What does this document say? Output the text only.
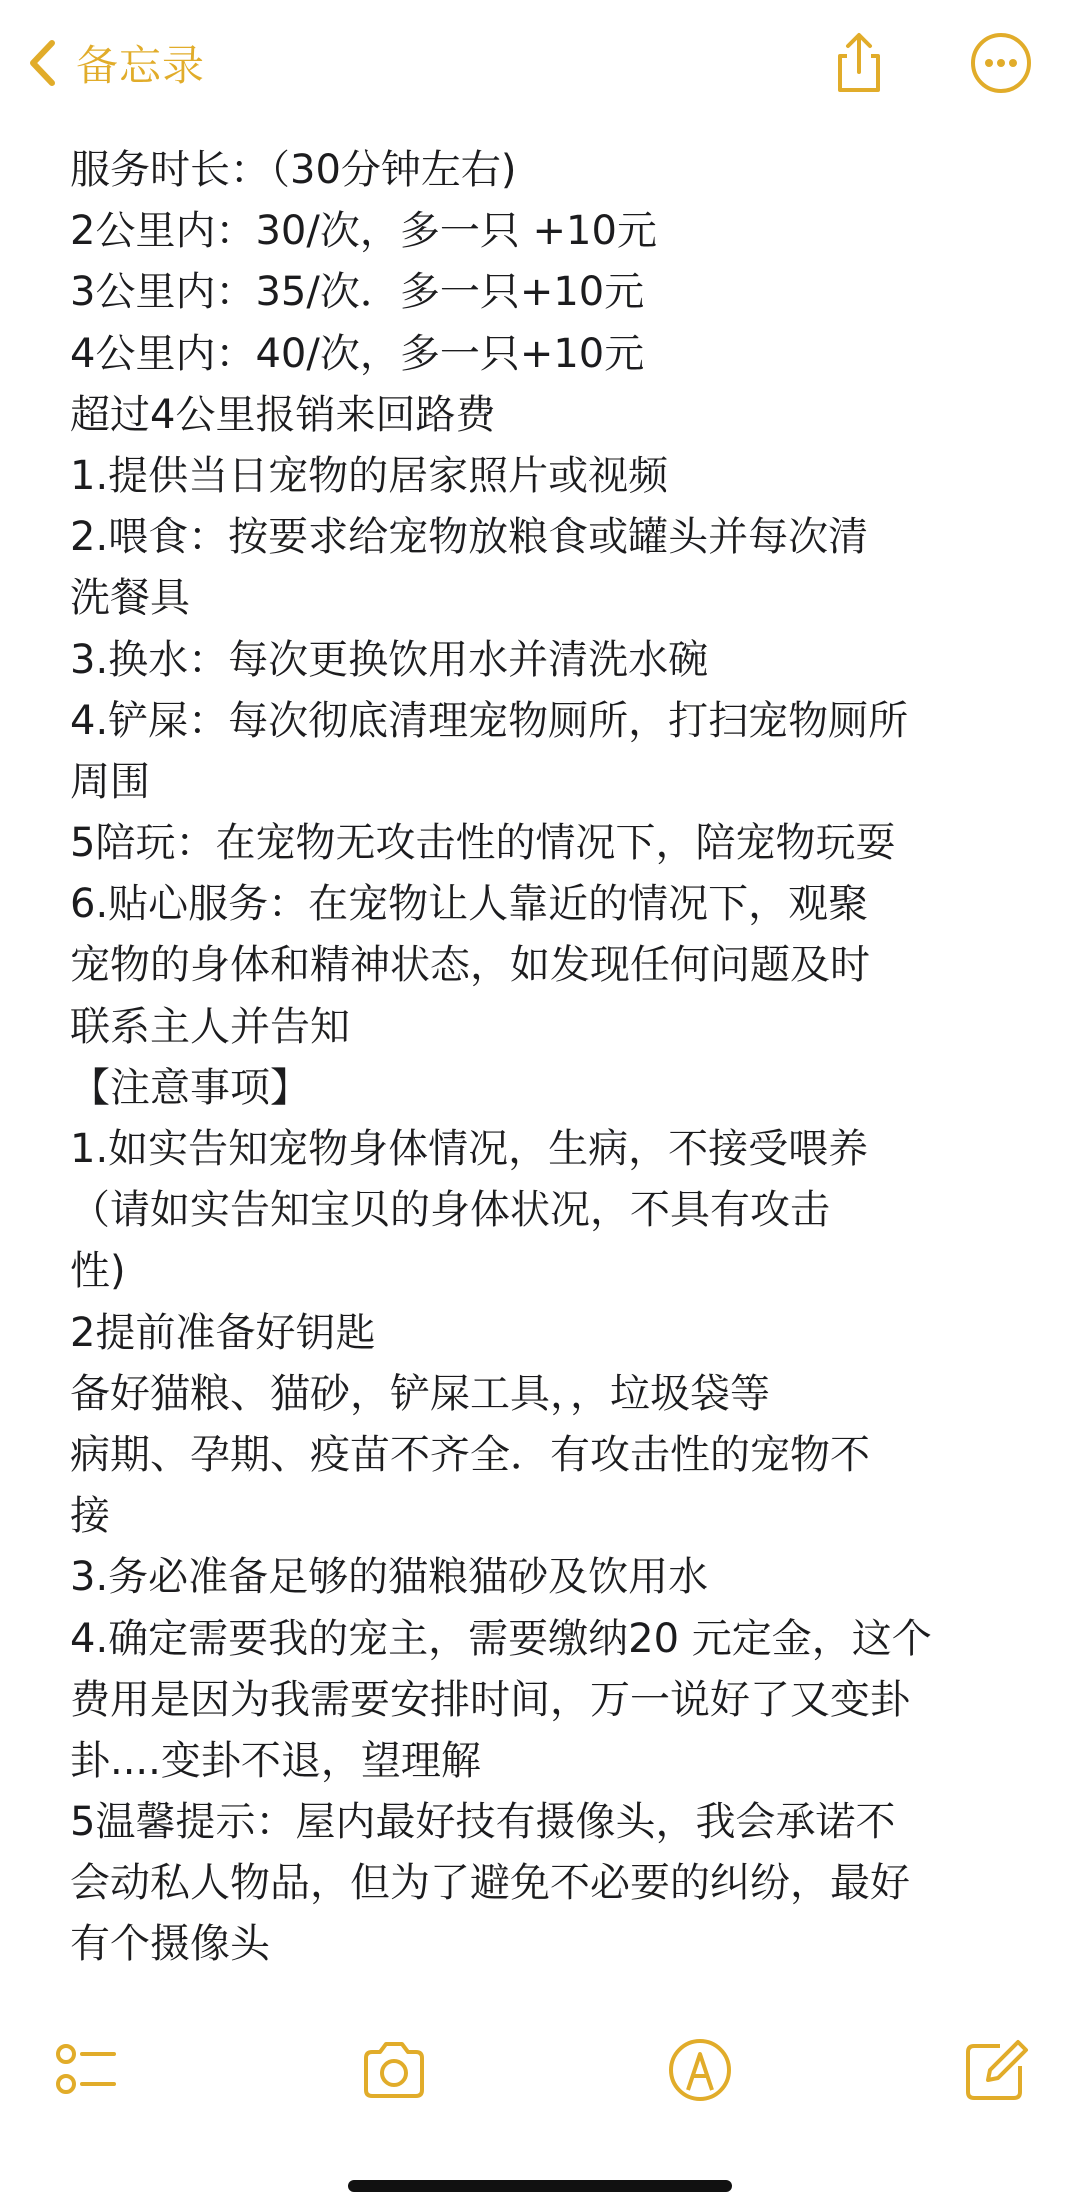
备忘录
服务时长：（30分钟左右)
2公里内：30/次，多一只 +10元
3公里内：35/次．多一只+10元
4公里内：40/次，多一只+10元
超过4公里报销来回路费
1.提供当日宠物的居家照片或视频
2.喂食：按要求给宠物放粮食或罐头并每次清
洗餐具
3.换水：每次更换饮用水并清洗水碗
4.铲屎：每次彻底清理宠物厕所，打扫宠物厕所
周围
5陪玩：在宠物无攻击性的情况下，陪宠物玩耍
6.贴心服务：在宠物让人靠近的情况下，观聚
宠物的身体和精神状态，如发现任何问题及时
联系主人并告知
【注意事项】
1.如实告知宠物身体情况，生病，不接受喂养
（请如实告知宝贝的身体状况，不具有攻击
性)
2提前准备好钥匙
备好猫粮、猫砂，铲屎工具，，垃圾袋等
病期、孕期、疫苗不齐全．有攻击性的宠物不
接
3.务必准备足够的猫粮猫砂及饮用水
4.确定需要我的宠主，需要缴纳20 元定金，这个
费用是因为我需要安排时间，万一说好了又变卦
卦....变卦不退，望理解
5温馨提示：屋内最好技有摄像头，我会承诺不
会动私人物品，但为了避免不必要的纠纷，最好
有个摄像头
